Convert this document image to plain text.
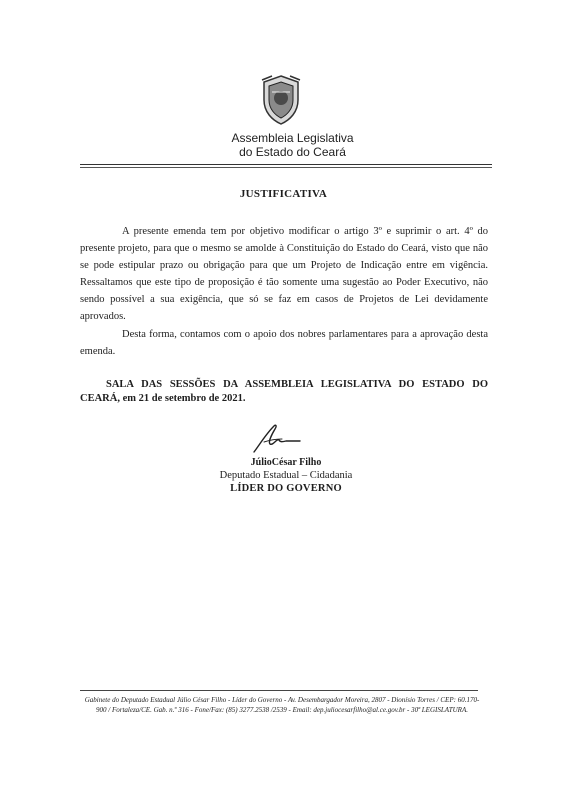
Assembleia Legislativa
do Estado do Ceará
JUSTIFICATIVA
A presente emenda tem por objetivo modificar o artigo 3º e suprimir o art. 4º do presente projeto, para que o mesmo se amolde à Constituição do Estado do Ceará, visto que não se pode estipular prazo ou obrigação para que um Projeto de Indicação entre em vigência. Ressaltamos que este tipo de proposição é tão somente uma sugestão ao Poder Executivo, não sendo possível a sua exigência, que só se faz em casos de Projetos de Lei devidamente aprovados.
Desta forma, contamos com o apoio dos nobres parlamentares para a aprovação desta emenda.
SALA DAS SESSÕES DA ASSEMBLEIA LEGISLATIVA DO ESTADO DO CEARÁ, em 21 de setembro de 2021.
JúlioCésar Filho
Deputado Estadual – Cidadania
LÍDER DO GOVERNO
Gabinete do Deputado Estadual Júlio César Filho - Líder do Governo - Av. Desembargador Moreira, 2807 - Dionísio Torres / CEP: 60.170-900 / Fortaleza/CE. Gab. n.º 316 - Fone/Fax: (85) 3277.2538 /2539 - Email: dep.juliocesarfilho@al.ce.gov.br - 30ª LEGISLATURA.
